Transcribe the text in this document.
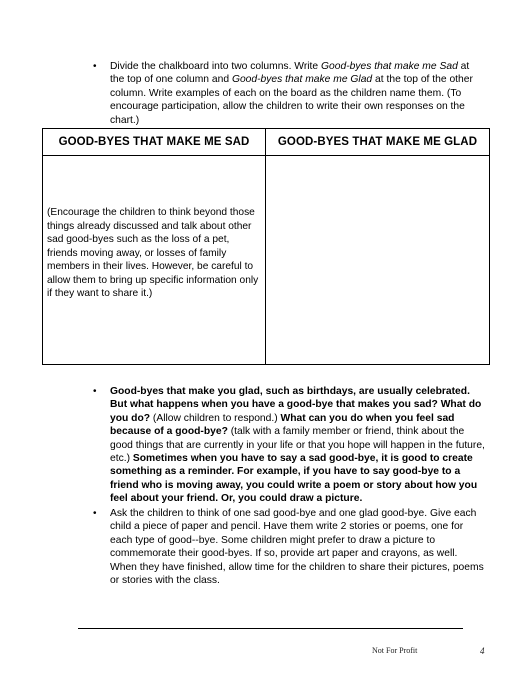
• Divide the chalkboard into two columns. Write Good-byes that make me Sad at the top of one column and Good-byes that make me Glad at the top of the other column. Write examples of each on the board as the children name them. (To encourage participation, allow the children to write their own responses on the chart.)
GOOD-BYES THAT MAKE ME SAD	GOOD-BYES THAT MAKE ME GLAD
(Encourage the children to think beyond those things already discussed and talk about other sad good-byes such as the loss of a pet, friends moving away, or losses of family members in their lives. However, be careful to allow them to bring up specific information only if they want to share it.)	
• Good-byes that make you glad, such as birthdays, are usually celebrated. But what happens when you have a good-bye that makes you sad? What do you do? (Allow children to respond.) What can you do when you feel sad because of a good-bye? (talk with a family member or friend, think about the good things that are currently in your life or that you hope will happen in the future, etc.) Sometimes when you have to say a sad good-bye, it is good to create something as a reminder. For example, if you have to say good-bye to a friend who is moving away, you could write a poem or story about how you feel about your friend. Or, you could draw a picture.
• Ask the children to think of one sad good-bye and one glad good-bye. Give each child a piece of paper and pencil. Have them write 2 stories or poems, one for each type of good--bye. Some children might prefer to draw a picture to commemorate their good-byes. If so, provide art paper and crayons, as well. When they have finished, allow time for the children to share their pictures, poems or stories with the class.
Not For Profit	4
